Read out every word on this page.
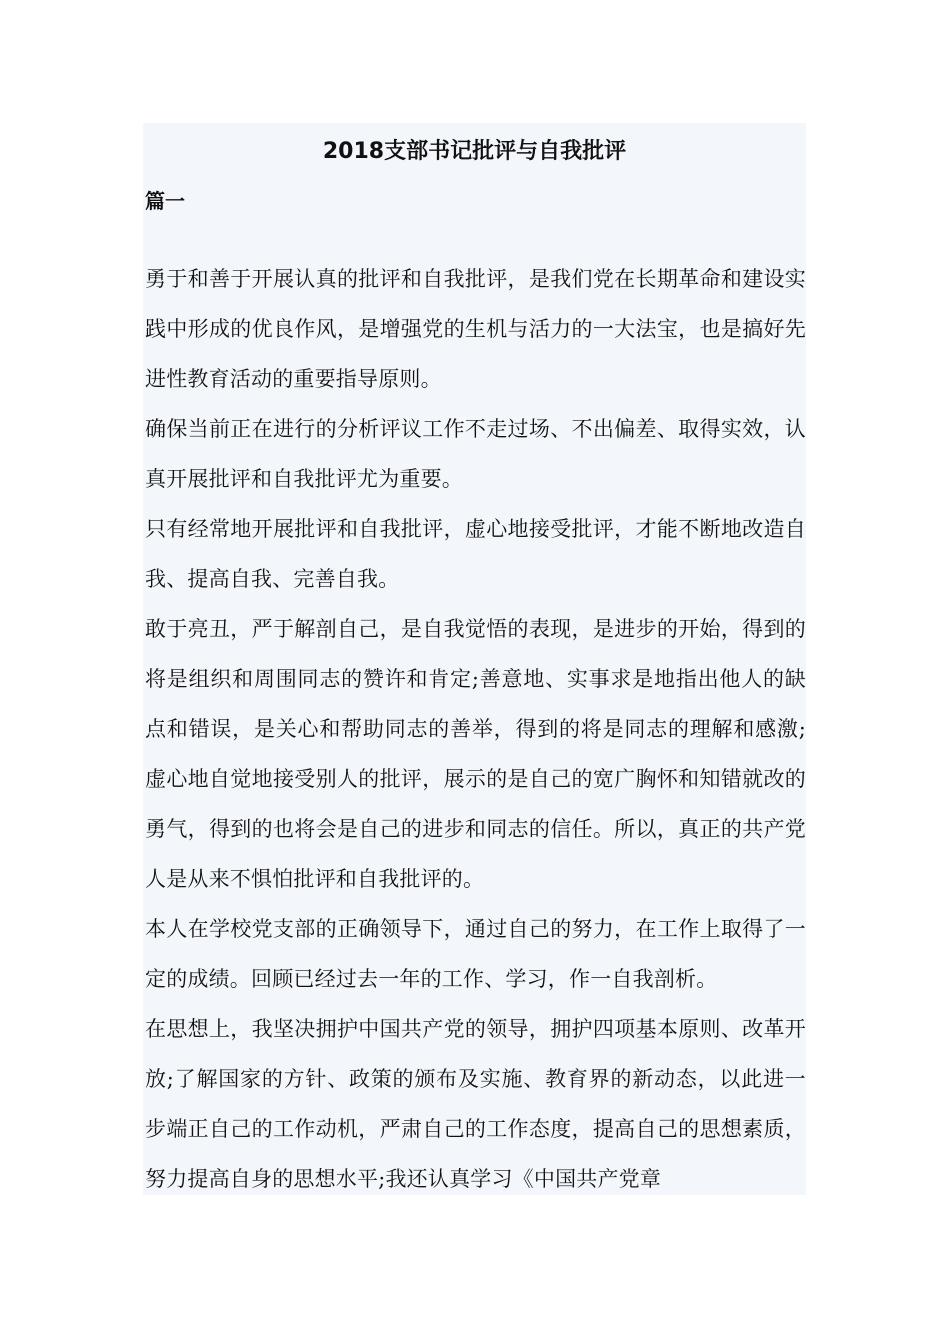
2018支部书记批评与自我批评
篇一

勇于和善于开展认真的批评和自我批评，是我们党在长期革命和建设实践中形成的优良作风，是增强党的生机与活力的一大法宝，也是搞好先进性教育活动的重要指导原则。

确保当前正在进行的分析评议工作不走过场、不出偏差、取得实效，认真开展批评和自我批评尤为重要。

只有经常地开展批评和自我批评，虚心地接受批评，才能不断地改造自我、提高自我、完善自我。

敢于亮丑，严于解剖自己，是自我觉悟的表现，是进步的开始，得到的将是组织和周围同志的赞许和肯定;善意地、实事求是地指出他人的缺点和错误，是关心和帮助同志的善举，得到的将是同志的理解和感激;虚心地自觉地接受别人的批评，展示的是自己的宽广胸怀和知错就改的勇气，得到的也将会是自己的进步和同志的信任。所以，真正的共产党人是从来不惧怕批评和自我批评的。

本人在学校党支部的正确领导下，通过自己的努力，在工作上取得了一定的成绩。回顾已经过去一年的工作、学习，作一自我剖析。

在思想上，我坚决拥护中国共产党的领导，拥护四项基本原则、改革开放;了解国家的方针、政策的颁布及实施、教育界的新动态，以此进一步端正自己的工作动机，严肃自己的工作态度，提高自己的思想素质，努力提高自身的思想水平;我还认真学习《中国共产党章
